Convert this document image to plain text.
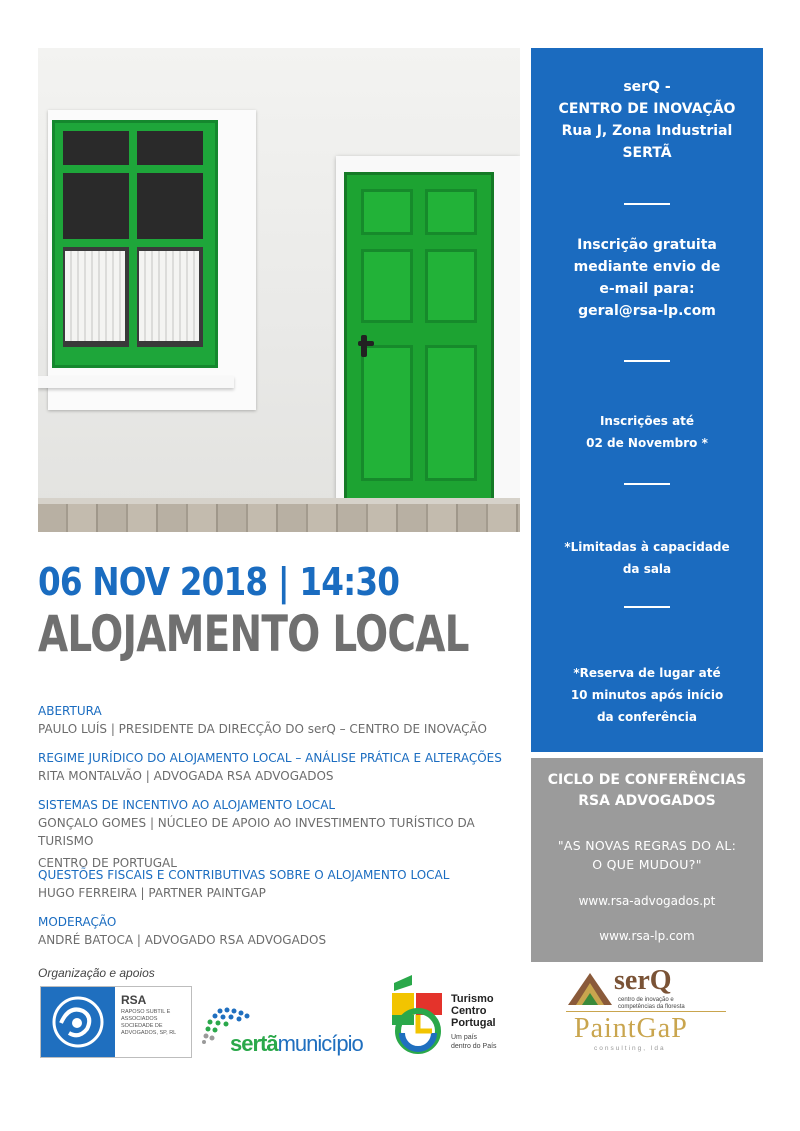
serQ -
CENTRO DE INOVAÇÃO
Rua J, Zona Industrial
SERTÃ
Inscrição gratuita
mediante envio de
e-mail para:
geral@rsa-lp.com
Inscrições até
02 de Novembro *
*Limitadas à capacidade
da sala
*Reserva de lugar até
10 minutos após início
da conferência
CICLO DE CONFERÊNCIAS
RSA ADVOGADOS
"AS NOVAS REGRAS DO AL:
O QUE MUDOU?"
www.rsa-advogados.pt
www.rsa-lp.com
06 NOV 2018 | 14:30
ALOJAMENTO LOCAL
ABERTURA
PAULO LUÍS | PRESIDENTE DA DIRECÇÃO DO serQ – CENTRO DE INOVAÇÃO
REGIME JURÍDICO DO ALOJAMENTO LOCAL – ANÁLISE PRÁTICA E ALTERAÇÕES
RITA MONTALVÃO | ADVOGADA RSA ADVOGADOS
SISTEMAS DE INCENTIVO AO ALOJAMENTO LOCAL
GONÇALO GOMES | NÚCLEO DE APOIO AO INVESTIMENTO TURÍSTICO DA TURISMO
CENTRO DE PORTUGAL
QUESTÕES FISCAIS E CONTRIBUTIVAS SOBRE O ALOJAMENTO LOCAL
HUGO FERREIRA | PARTNER PAINTGAP
MODERAÇÃO
ANDRÉ BATOCA | ADVOGADO RSA ADVOGADOS
Organização e apoios
RSA
RAPOSO SUBTIL E ASSOCIADOS SOCIEDADE DE ADVOGADOS, SP, RL	sertãmunicípio
Turismo
Centro
Portugal
Um país
dentro do País
serQ
centro de inovação e
competências da floresta
PaintGaP
consulting, lda
